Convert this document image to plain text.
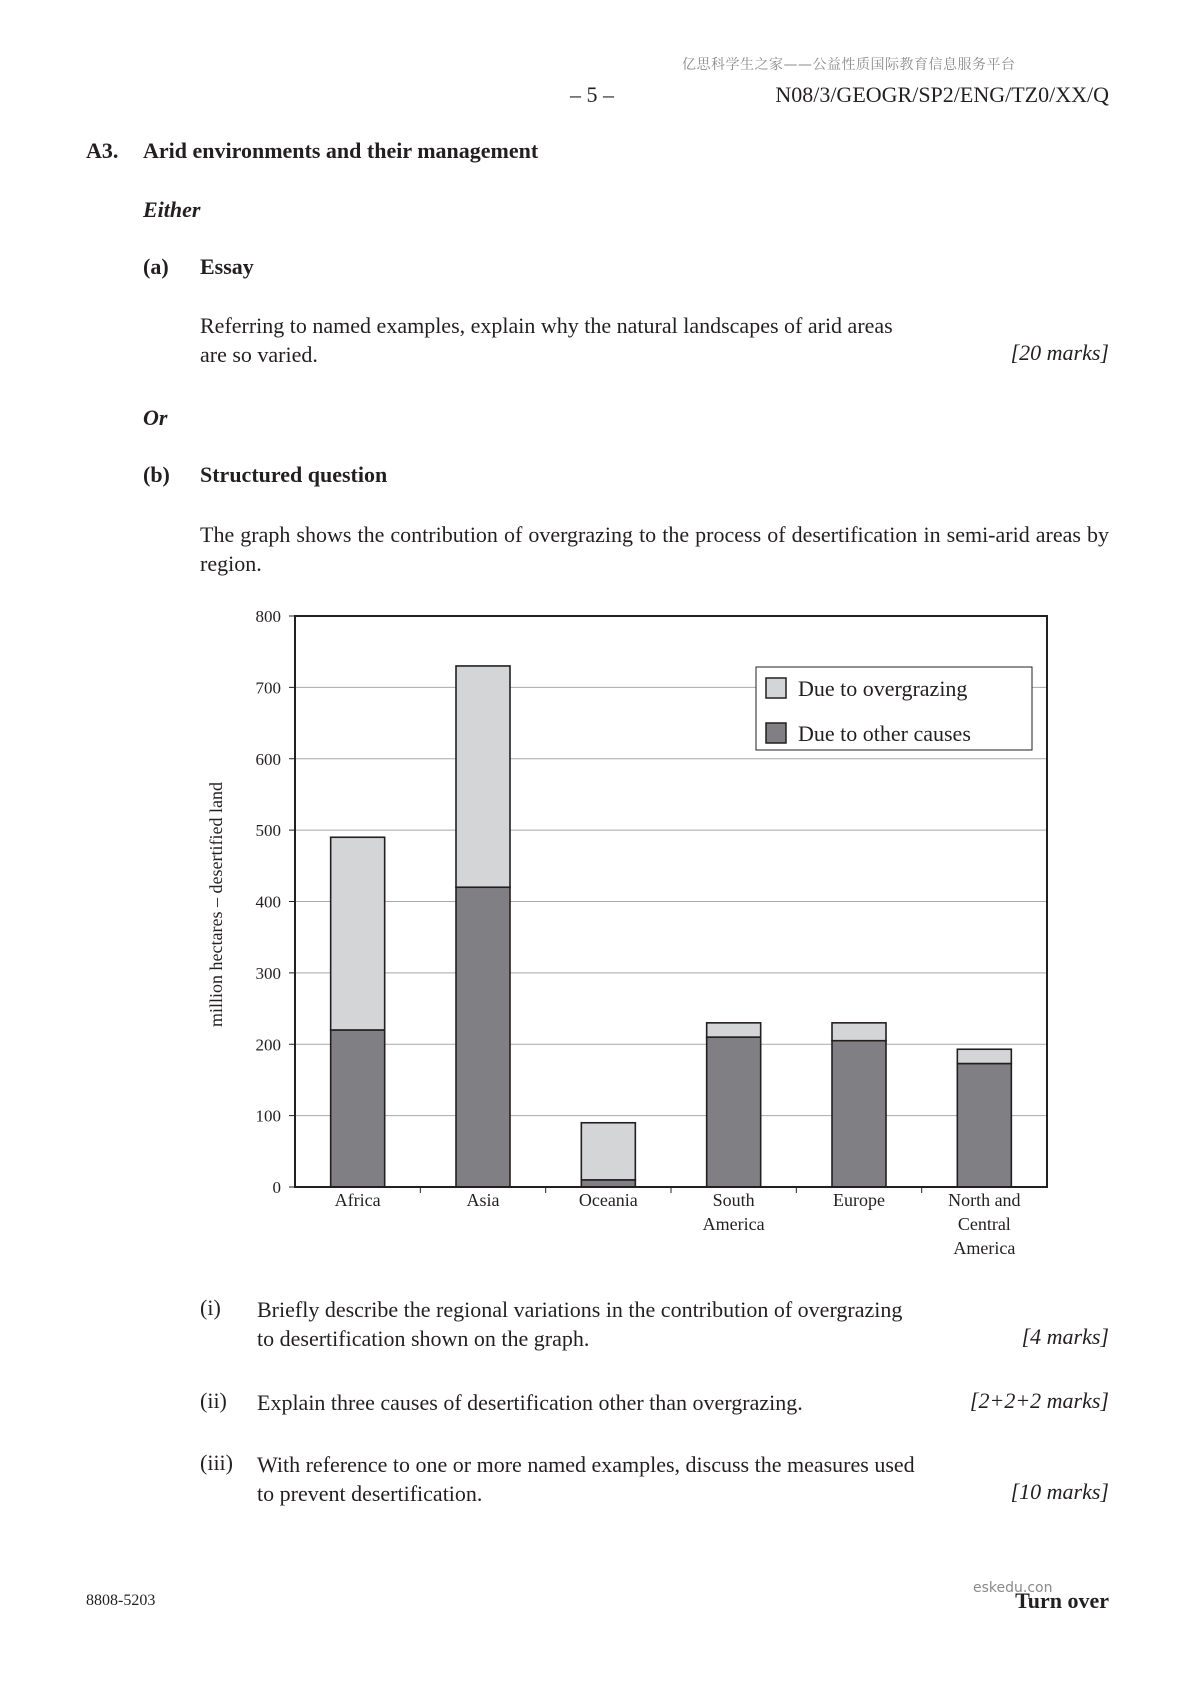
亿思科学生之家——公益性质国际教育信息服务平台
– 5 –	N08/3/GEOGR/SP2/ENG/TZ0/XX/Q
A3. Arid environments and their management
Either
(a) Essay
Referring to named examples, explain why the natural landscapes of arid areas
are so varied.	[20 marks]
Or
(b) Structured question
The graph shows the contribution of overgrazing to the process of desertification in semi-arid areas by region.
0
100
200
300
400
500
600
700
800
million hectares – desertified land
Africa	Asia	Oceania	South
America
Europe	North and
Central
America
Due to overgrazing
Due to other causes
(i) Briefly describe the regional variations in the contribution of overgrazing
to desertification shown on the graph.	[4 marks]
(ii) Explain three causes of desertification other than overgrazing.	[2+2+2 marks]
(iii) With reference to one or more named examples, discuss the measures used
to prevent desertification.	[10 marks]
8808-5203
eskedu.con
Turn over
